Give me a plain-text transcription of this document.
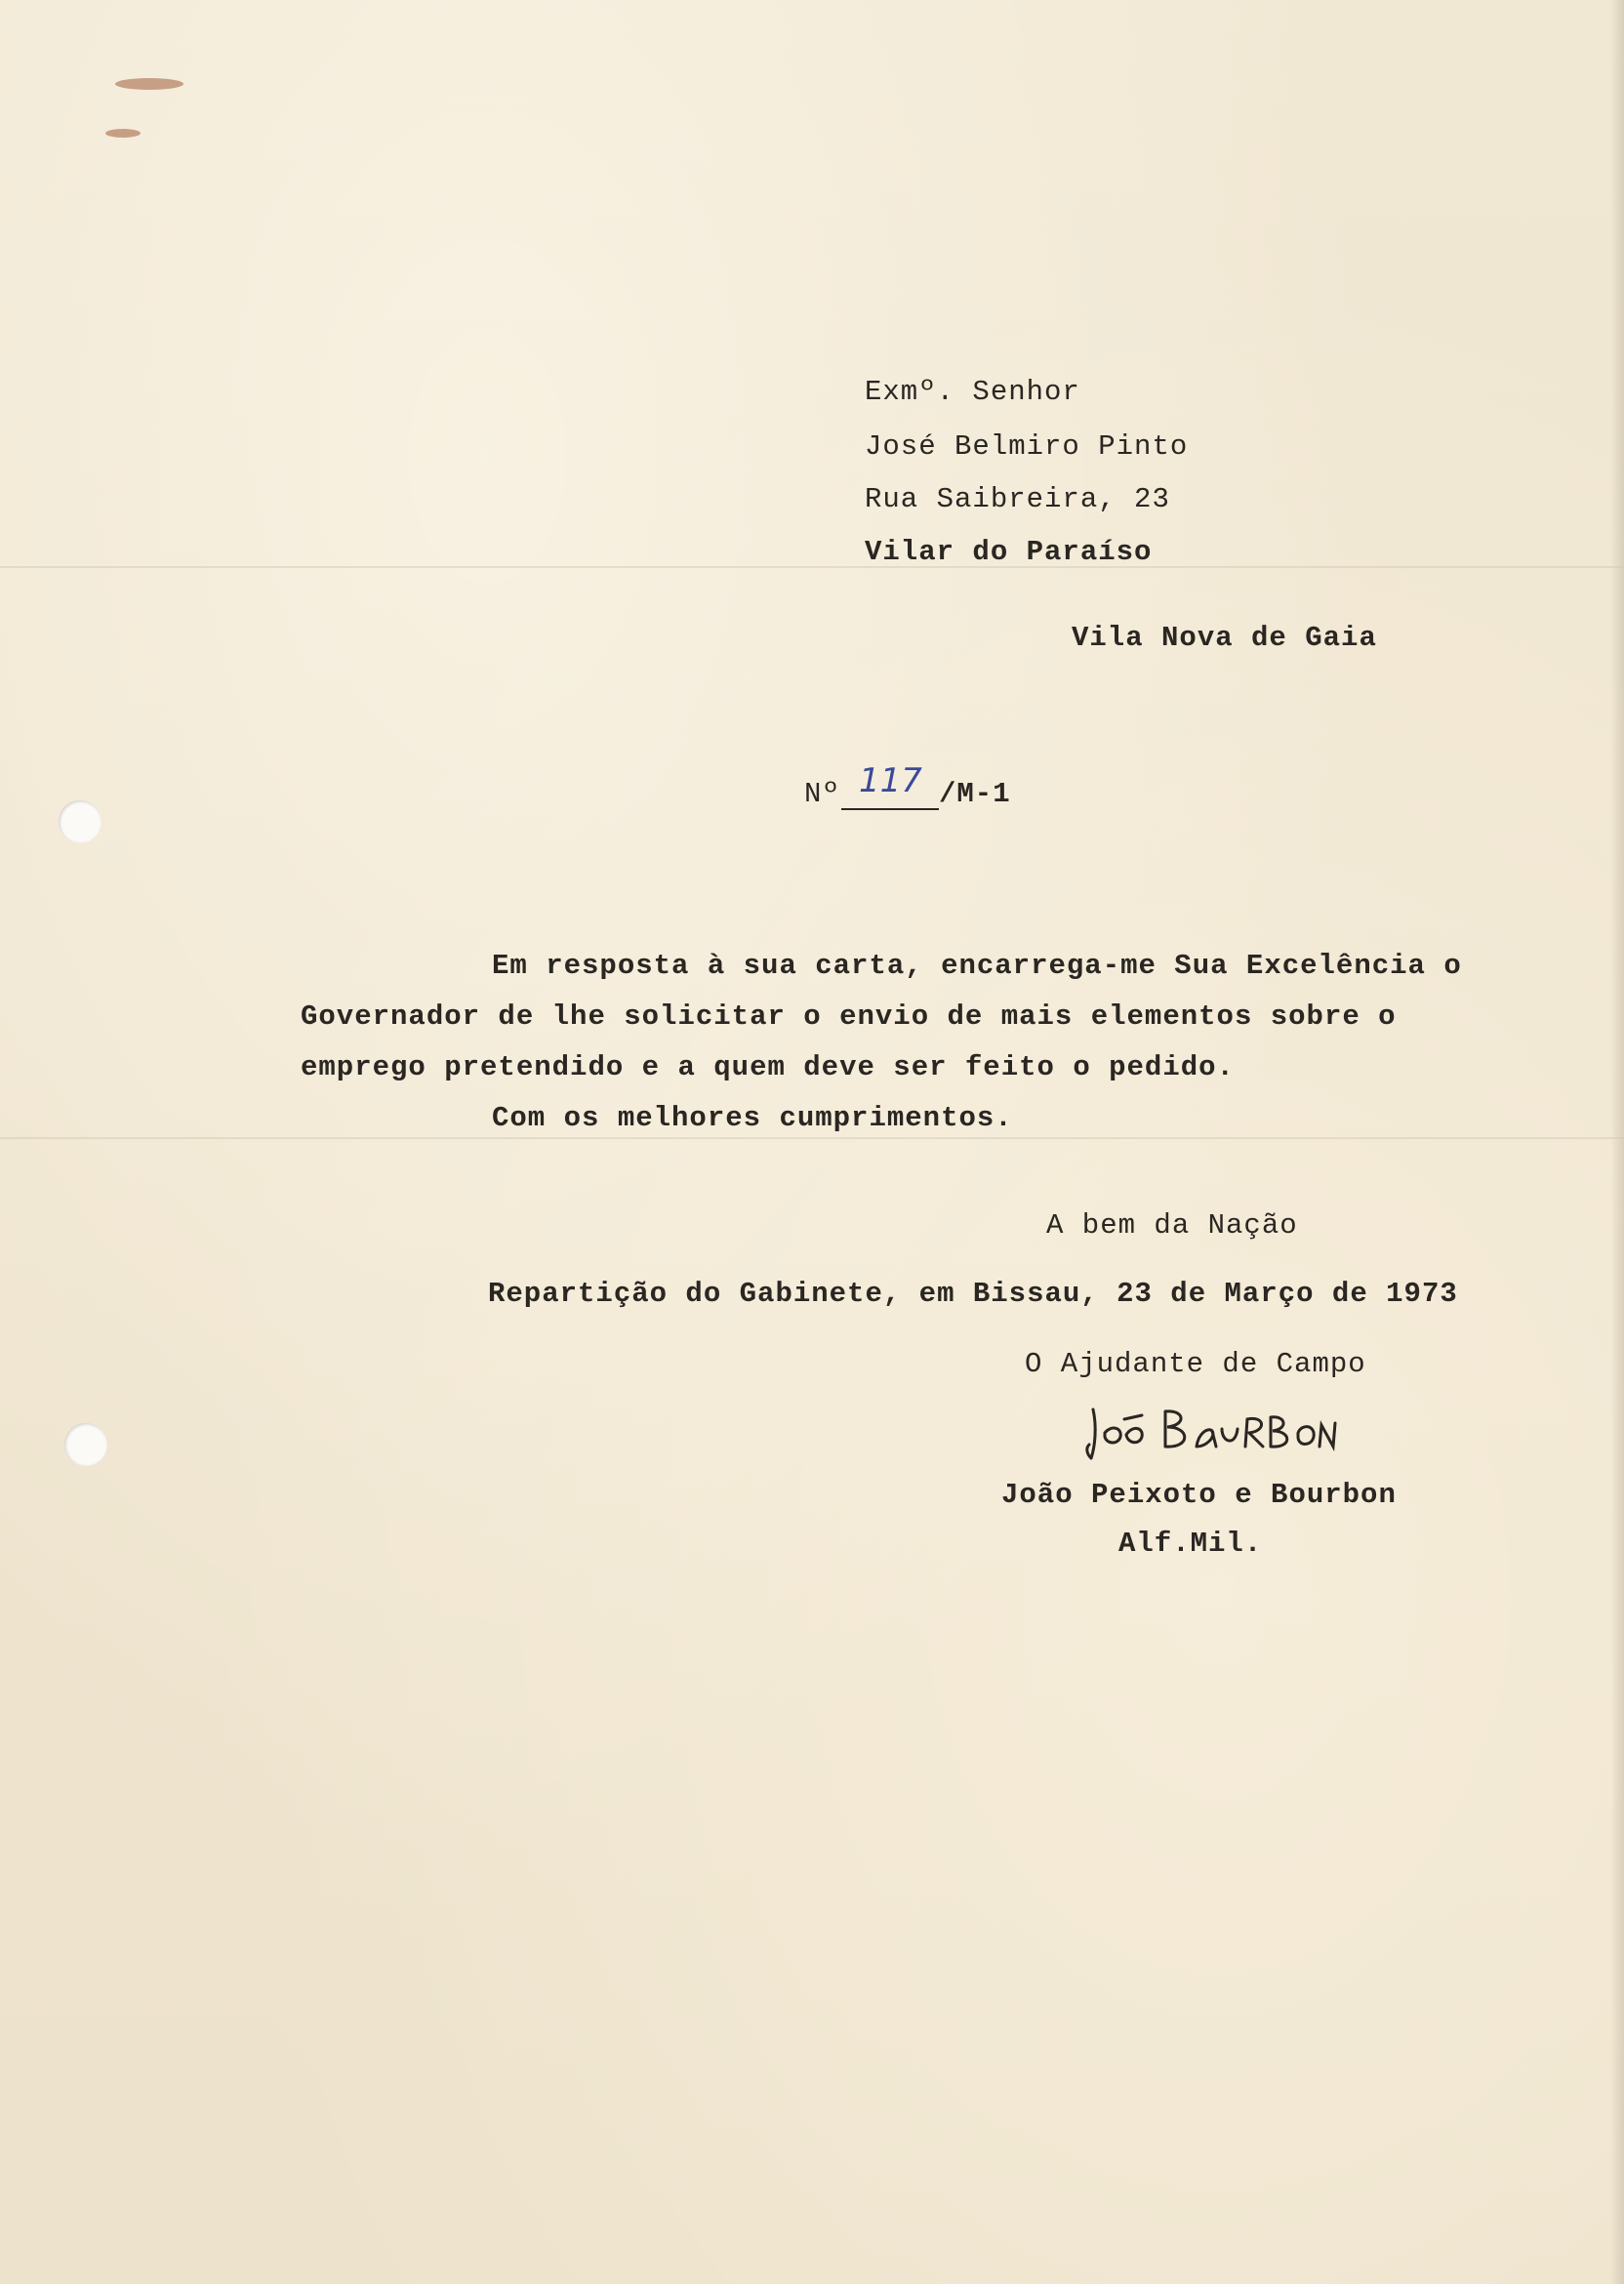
Exmº. Senhor
José Belmiro Pinto
Rua Saibreira, 23
Vilar do Paraíso
Vila Nova de Gaia
Nº 117 /M-1
Em resposta à sua carta, encarrega-me Sua Excelência o
Governador de lhe solicitar o envio de mais elementos sobre o
emprego pretendido e a quem deve ser feito o pedido.
Com os melhores cumprimentos.
A bem da Nação
Repartição do Gabinete, em Bissau, 23 de Março de 1973
O Ajudante de Campo
João Peixoto e Bourbon
Alf.Mil.
